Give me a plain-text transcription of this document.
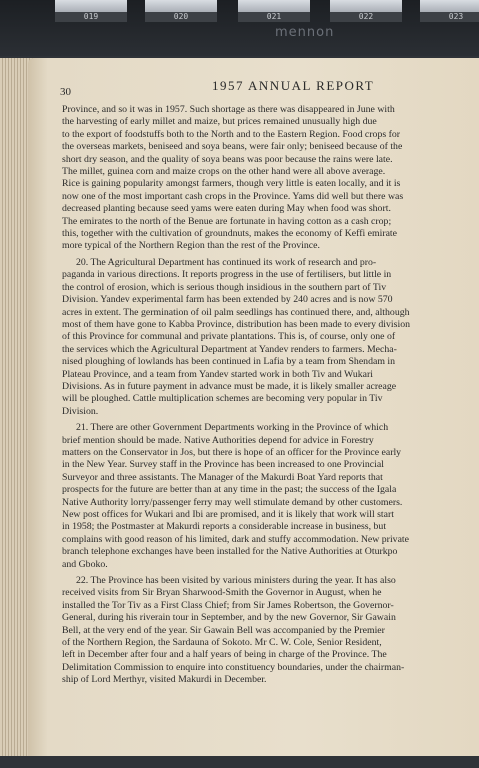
019	020	021	022	023
mennon
30	1957 ANNUAL REPORT
Province, and so it was in 1957. Such shortage as there was disappeared in June with
the harvesting of early millet and maize, but prices remained unusually high due
to the export of foodstuffs both to the North and to the Eastern Region. Food crops for
the overseas markets, beniseed and soya beans, were fair only; beniseed because of the
short dry season, and the quality of soya beans was poor because the rains were late.
The millet, guinea corn and maize crops on the other hand were all above average.
Rice is gaining popularity amongst farmers, though very little is eaten locally, and it is
now one of the most important cash crops in the Province. Yams did well but there was
decreased planting because seed yams were eaten during May when food was short.
The emirates to the north of the Benue are fortunate in having cotton as a cash crop;
this, together with the cultivation of groundnuts, makes the economy of Keffi emirate
more typical of the Northern Region than the rest of the Province.
20. The Agricultural Department has continued its work of research and pro-
paganda in various directions. It reports progress in the use of fertilisers, but little in
the control of erosion, which is serious though insidious in the southern part of Tiv
Division. Yandev experimental farm has been extended by 240 acres and is now 570
acres in extent. The germination of oil palm seedlings has continued there, and, although
most of them have gone to Kabba Province, distribution has been made to every division
of this Province for communal and private plantations. This is, of course, only one of
the services which the Agricultural Department at Yandev renders to farmers. Mecha-
nised ploughing of lowlands has been continued in Lafia by a team from Shendam in
Plateau Province, and a team from Yandev started work in both Tiv and Wukari
Divisions. As in future payment in advance must be made, it is likely smaller acreage
will be ploughed. Cattle multiplication schemes are becoming very popular in Tiv
Division.
21. There are other Government Departments working in the Province of which
brief mention should be made. Native Authorities depend for advice in Forestry
matters on the Conservator in Jos, but there is hope of an officer for the Province early
in the New Year. Survey staff in the Province has been increased to one Provincial
Surveyor and three assistants. The Manager of the Makurdi Boat Yard reports that
prospects for the future are better than at any time in the past; the success of the Igala
Native Authority lorry/passenger ferry may well stimulate demand by other customers.
New post offices for Wukari and Ibi are promised, and it is likely that work will start
in 1958; the Postmaster at Makurdi reports a considerable increase in business, but
complains with good reason of his limited, dark and stuffy accommodation. New private
branch telephone exchanges have been installed for the Native Authorities at Oturkpo
and Gboko.
22. The Province has been visited by various ministers during the year. It has also
received visits from Sir Bryan Sharwood-Smith the Governor in August, when he
installed the Tor Tiv as a First Class Chief; from Sir James Robertson, the Governor-
General, during his riverain tour in September, and by the new Governor, Sir Gawain
Bell, at the very end of the year. Sir Gawain Bell was accompanied by the Premier
of the Northern Region, the Sardauna of Sokoto. Mr C. W. Cole, Senior Resident,
left in December after four and a half years of being in charge of the Province. The
Delimitation Commission to enquire into constituency boundaries, under the chairman-
ship of Lord Merthyr, visited Makurdi in December.
